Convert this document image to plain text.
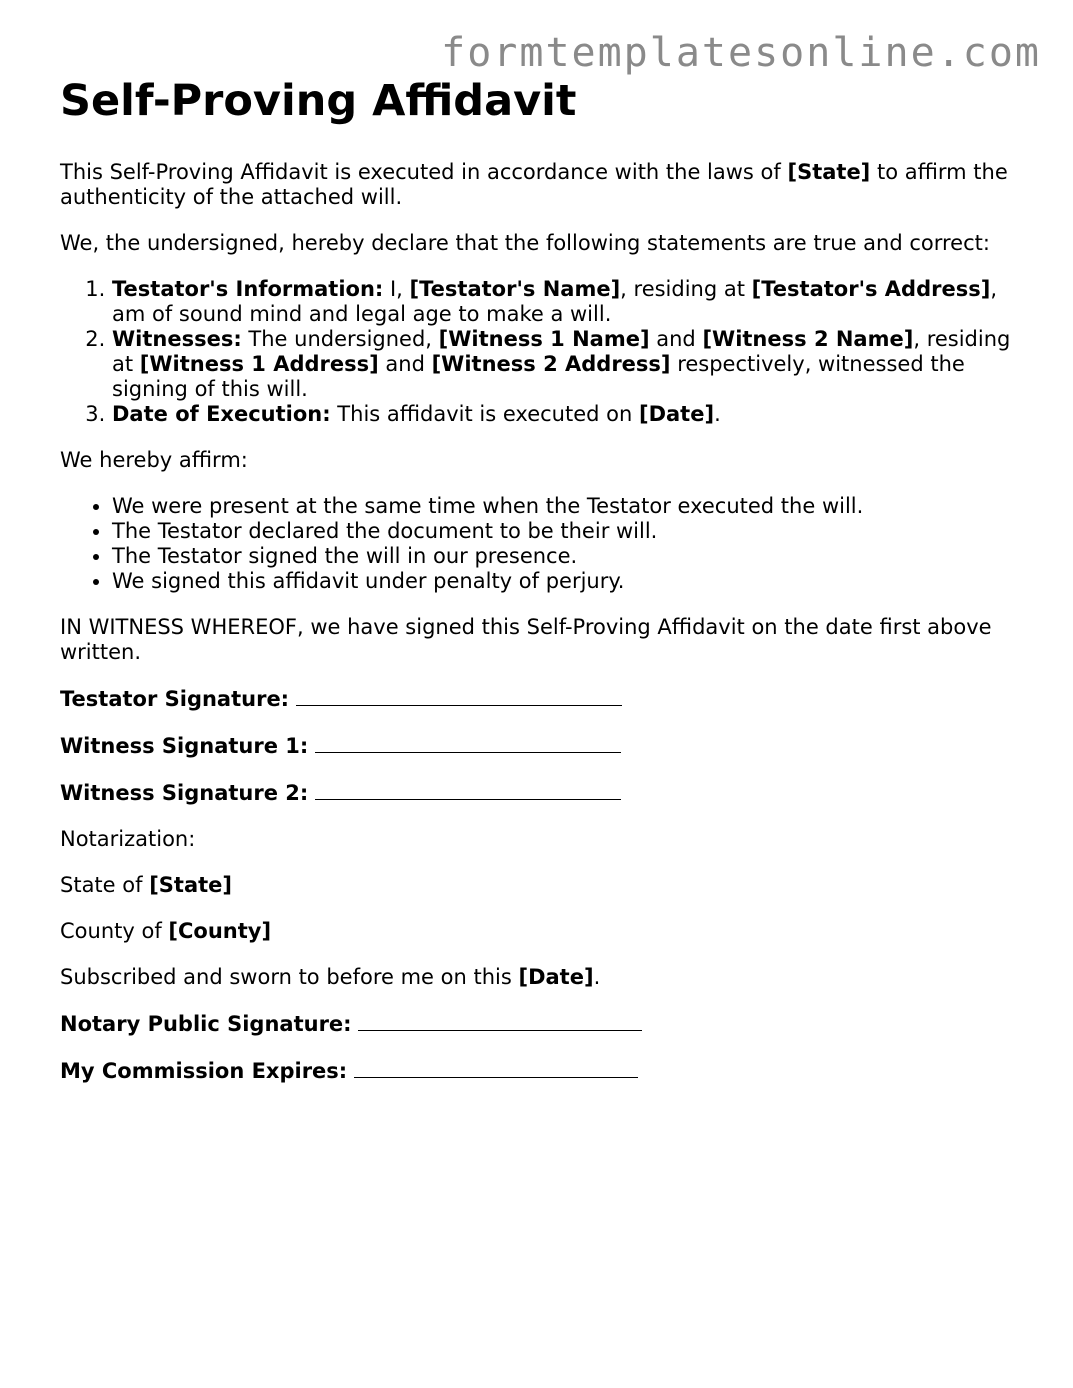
formtemplatesonline.com
Self-Proving Affidavit

This Self-Proving Affidavit is executed in accordance with the laws of [State] to affirm the authenticity of the attached will.

We, the undersigned, hereby declare that the following statements are true and correct:

1. Testator's Information: I, [Testator's Name], residing at [Testator's Address], am of sound mind and legal age to make a will.
2. Witnesses: The undersigned, [Witness 1 Name] and [Witness 2 Name], residing at [Witness 1 Address] and [Witness 2 Address] respectively, witnessed the signing of this will.
3. Date of Execution: This affidavit is executed on [Date].

We hereby affirm:

• We were present at the same time when the Testator executed the will.
• The Testator declared the document to be their will.
• The Testator signed the will in our presence.
• We signed this affidavit under penalty of perjury.

IN WITNESS WHEREOF, we have signed this Self-Proving Affidavit on the date first above written.

Testator Signature:

Witness Signature 1:

Witness Signature 2:

Notarization:

State of [State]

County of [County]

Subscribed and sworn to before me on this [Date].

Notary Public Signature:

My Commission Expires:
